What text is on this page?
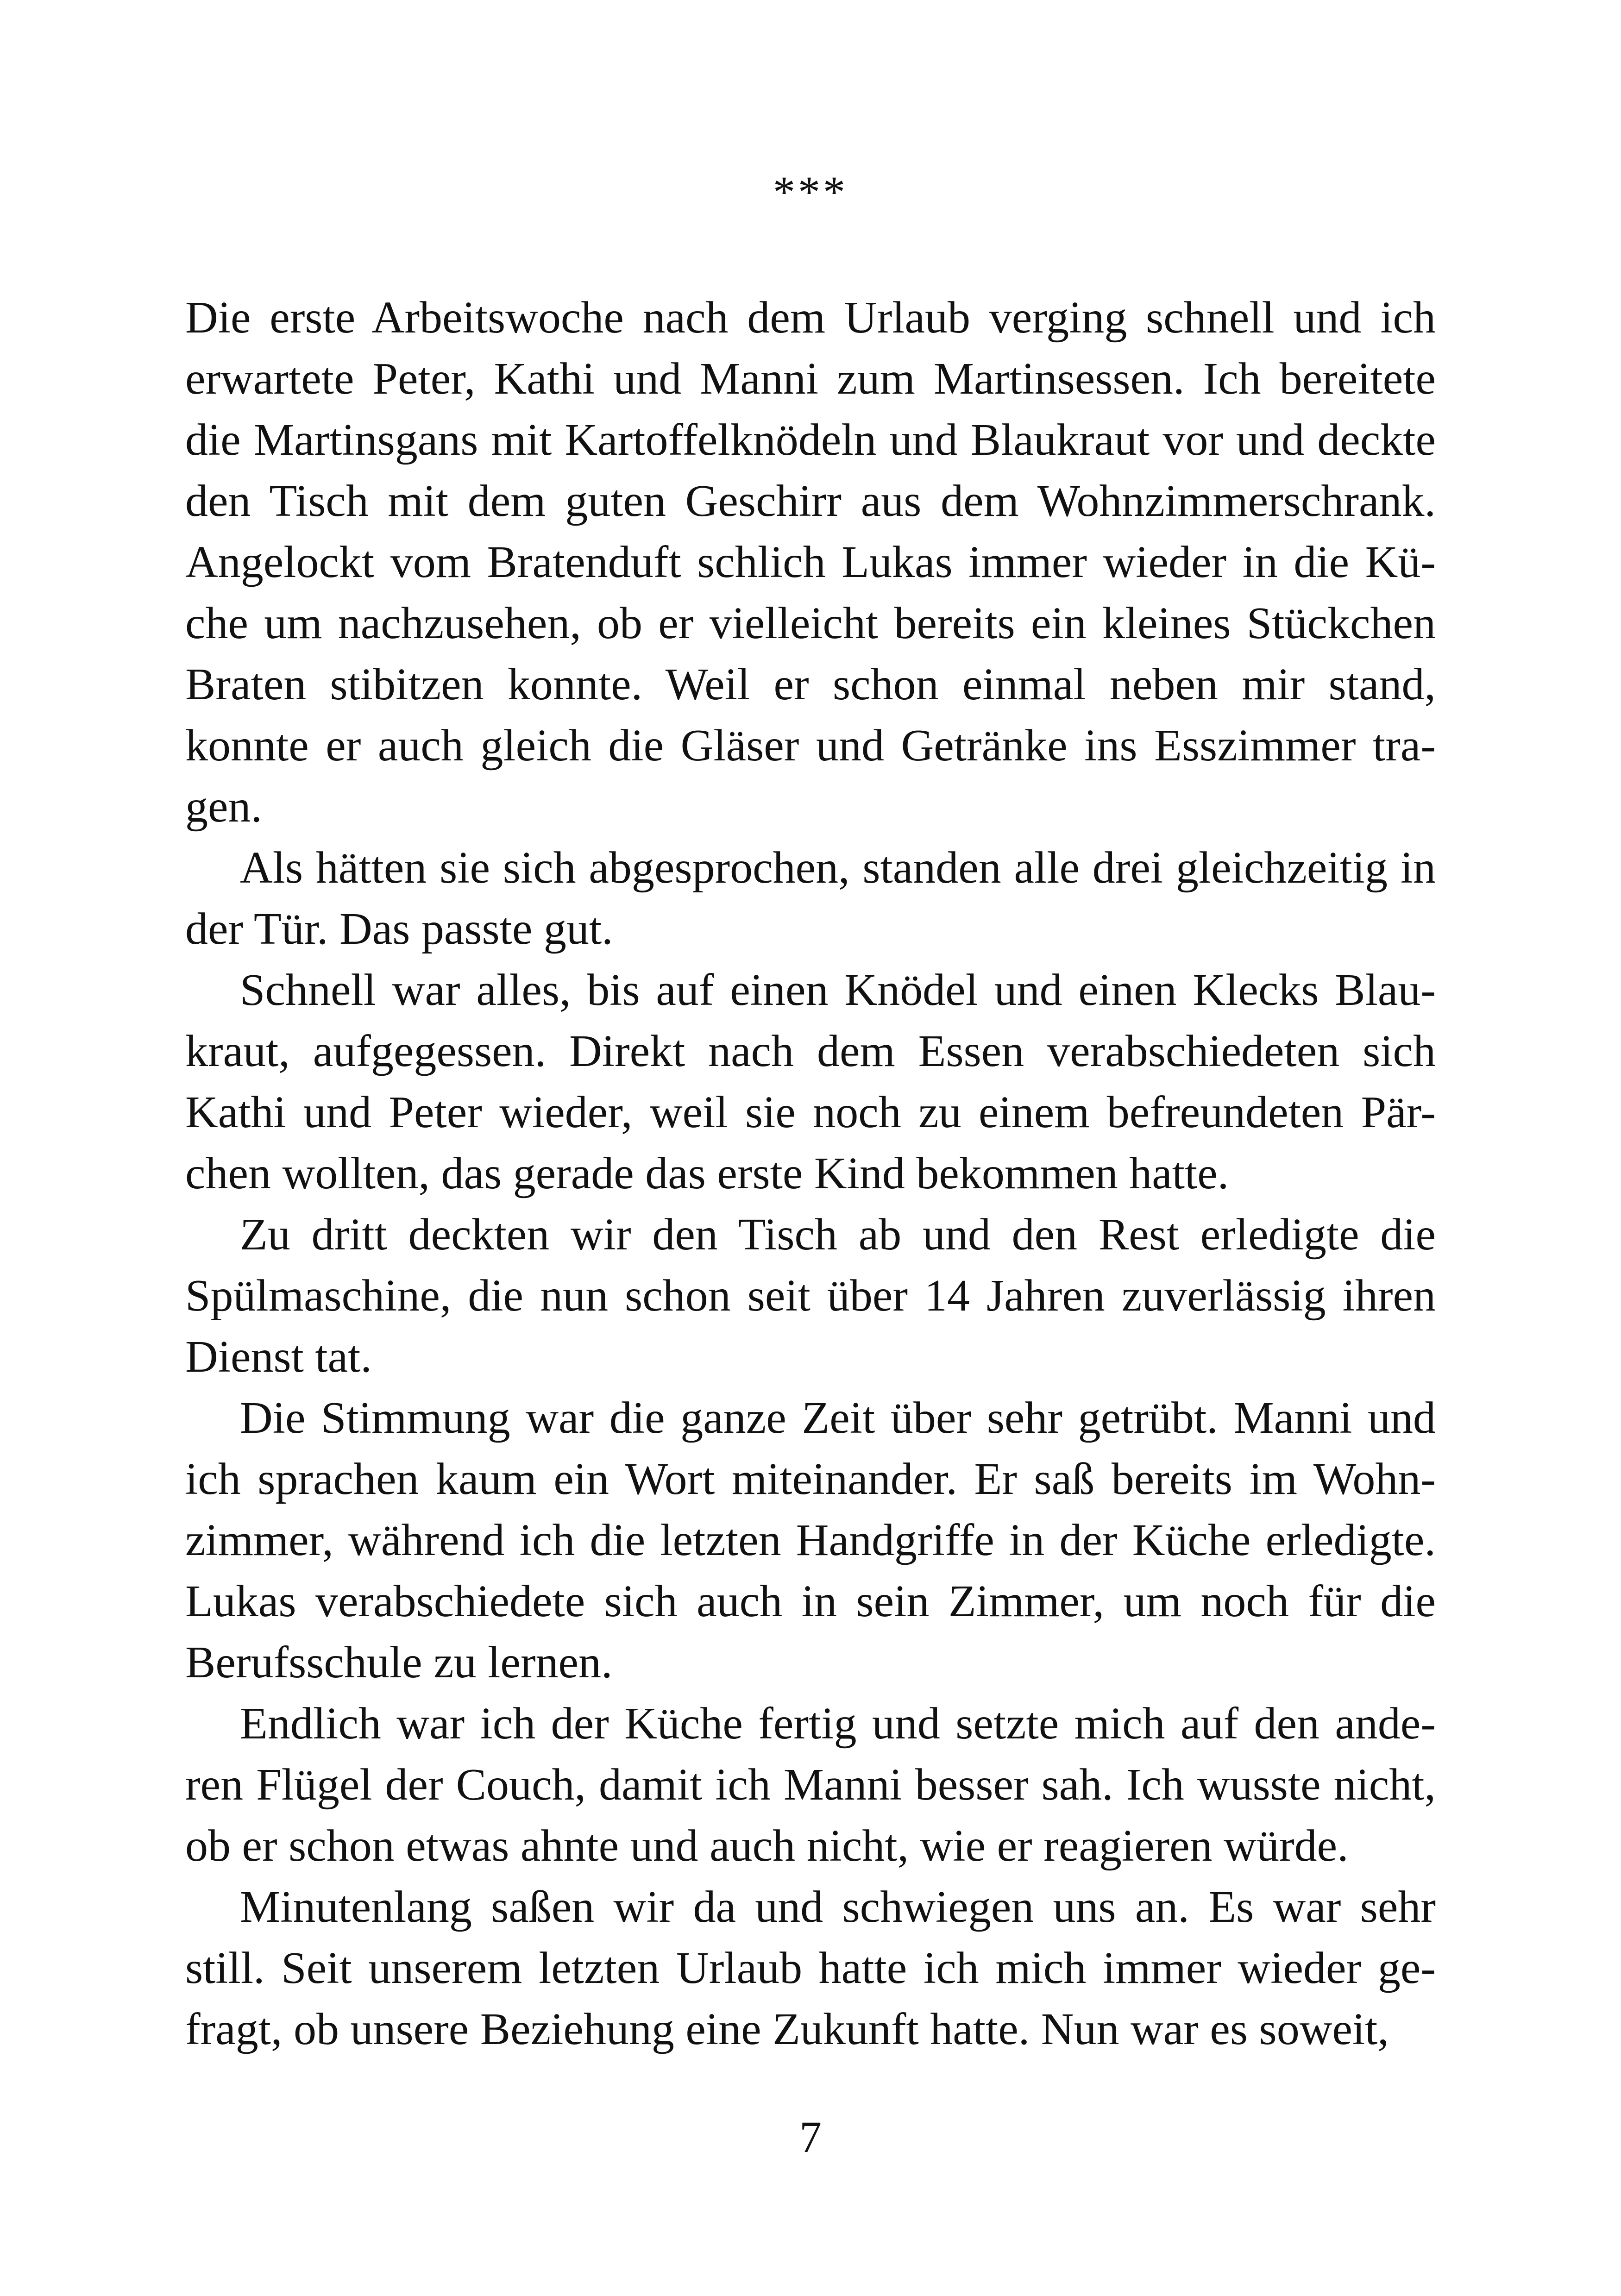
***
Die erste Arbeitswoche nach dem Urlaub verging schnell und ich
erwartete Peter, Kathi und Manni zum Martinsessen. Ich bereitete
die Martinsgans mit Kartoffelknödeln und Blaukraut vor und deckte
den Tisch mit dem guten Geschirr aus dem Wohnzimmerschrank.
Angelockt vom Bratenduft schlich Lukas immer wieder in die Kü-
che um nachzusehen, ob er vielleicht bereits ein kleines Stückchen
Braten stibitzen konnte. Weil er schon einmal neben mir stand,
konnte er auch gleich die Gläser und Getränke ins Esszimmer tra-
gen.
Als hätten sie sich abgesprochen, standen alle drei gleichzeitig in
der Tür. Das passte gut.
Schnell war alles, bis auf einen Knödel und einen Klecks Blau-
kraut, aufgegessen. Direkt nach dem Essen verabschiedeten sich
Kathi und Peter wieder, weil sie noch zu einem befreundeten Pär-
chen wollten, das gerade das erste Kind bekommen hatte.
Zu dritt deckten wir den Tisch ab und den Rest erledigte die
Spülmaschine, die nun schon seit über 14 Jahren zuverlässig ihren
Dienst tat.
Die Stimmung war die ganze Zeit über sehr getrübt. Manni und
ich sprachen kaum ein Wort miteinander. Er saß bereits im Wohn-
zimmer, während ich die letzten Handgriffe in der Küche erledigte.
Lukas verabschiedete sich auch in sein Zimmer, um noch für die
Berufsschule zu lernen.
Endlich war ich der Küche fertig und setzte mich auf den ande-
ren Flügel der Couch, damit ich Manni besser sah. Ich wusste nicht,
ob er schon etwas ahnte und auch nicht, wie er reagieren würde.
Minutenlang saßen wir da und schwiegen uns an. Es war sehr
still. Seit unserem letzten Urlaub hatte ich mich immer wieder ge-
fragt, ob unsere Beziehung eine Zukunft hatte. Nun war es soweit,
7
